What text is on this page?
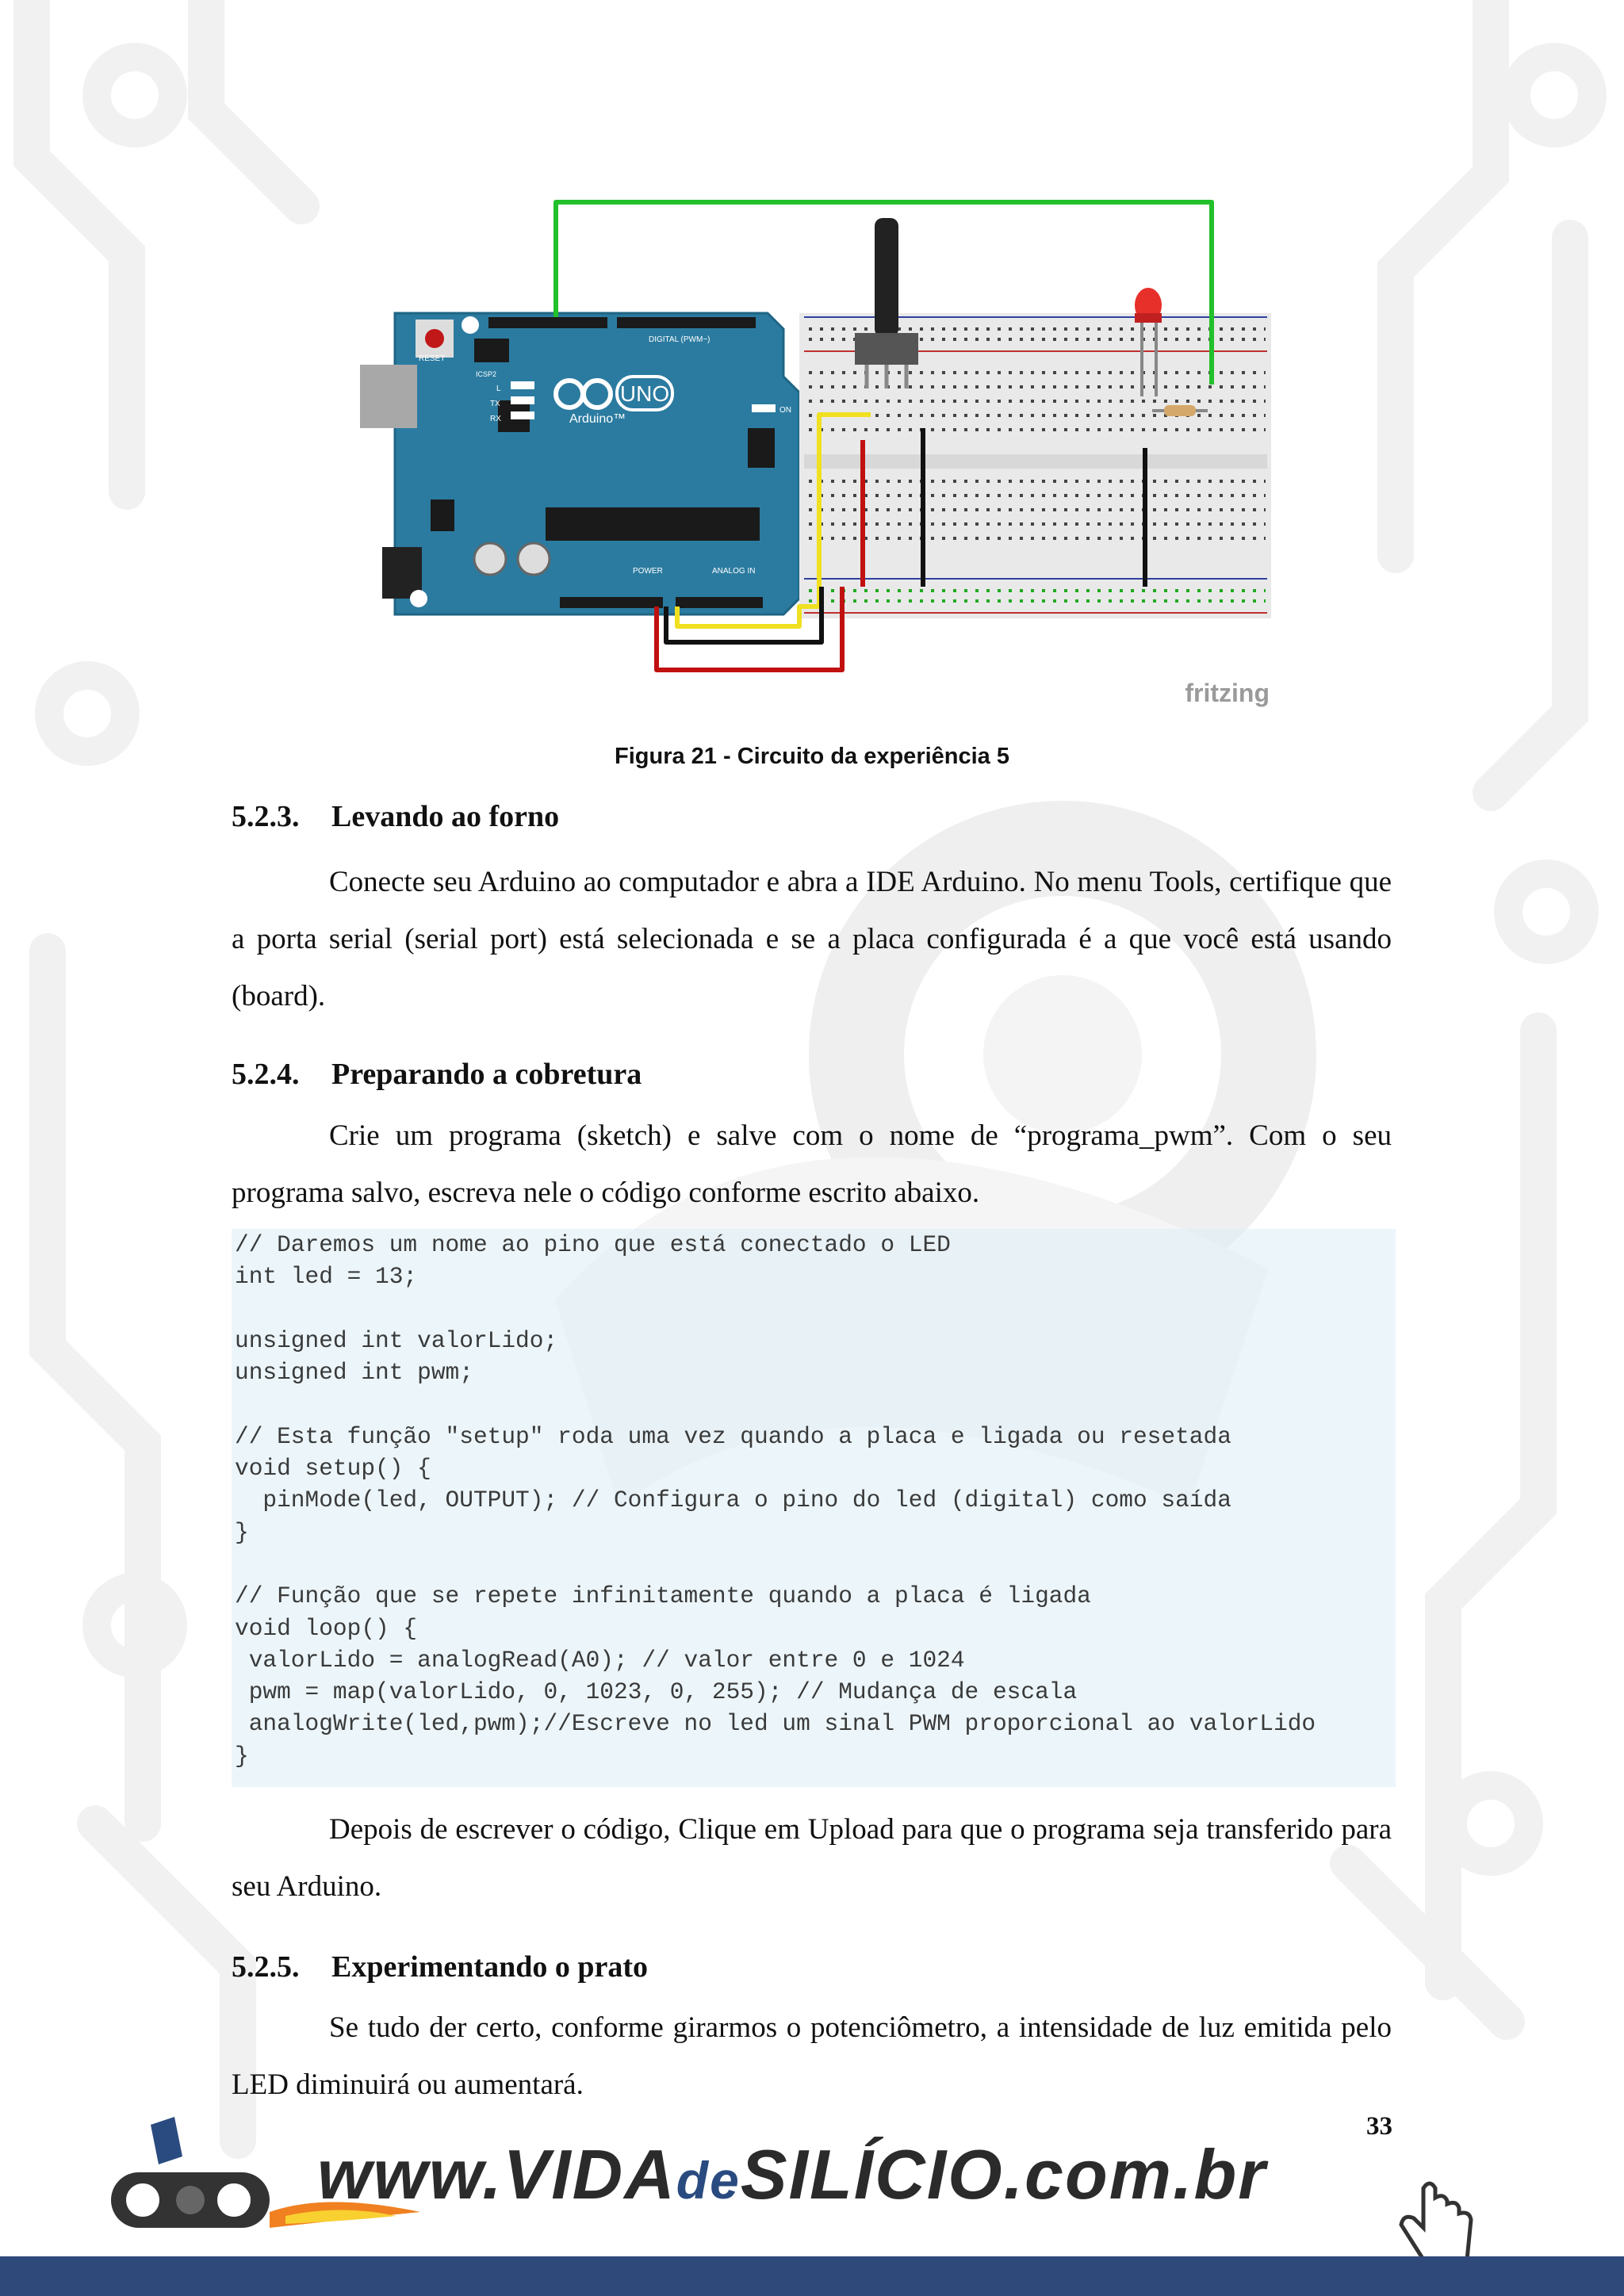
UNO
Arduino™
RESET
ICSP2
L
TX
RX
ON
DIGITAL (PWM~)
POWER	ANALOG IN
fritzing
Figura 21 - Circuito da experiência 5
5.2.3. Levando ao forno
Conecte seu Arduino ao computador e abra a IDE Arduino. No menu Tools, certifique que a porta serial (serial port) está selecionada e se a placa configurada é a que você está usando (board).
5.2.4. Preparando a cobretura
Crie um programa (sketch) e salve com o nome de “programa_pwm”. Com o seu programa salvo, escreva nele o código conforme escrito abaixo.
// Daremos um nome ao pino que está conectado o LED
int led = 13;

unsigned int valorLido;
unsigned int pwm;

// Esta função "setup" roda uma vez quando a placa e ligada ou resetada
void setup() {
pinMode(led, OUTPUT); // Configura o pino do led (digital) como saída
}

// Função que se repete infinitamente quando a placa é ligada
void loop() {
valorLido = analogRead(A0); // valor entre 0 e 1024
pwm = map(valorLido, 0, 1023, 0, 255); // Mudança de escala
analogWrite(led,pwm);//Escreve no led um sinal PWM proporcional ao valorLido
}
Depois de escrever o código, Clique em Upload para que o programa seja transferido para seu Arduino.
5.2.5. Experimentando o prato
Se tudo der certo, conforme girarmos o potenciômetro, a intensidade de luz emitida pelo LED diminuirá ou aumentará.
33
www.VIDAdeSILÍCIO.com.br
